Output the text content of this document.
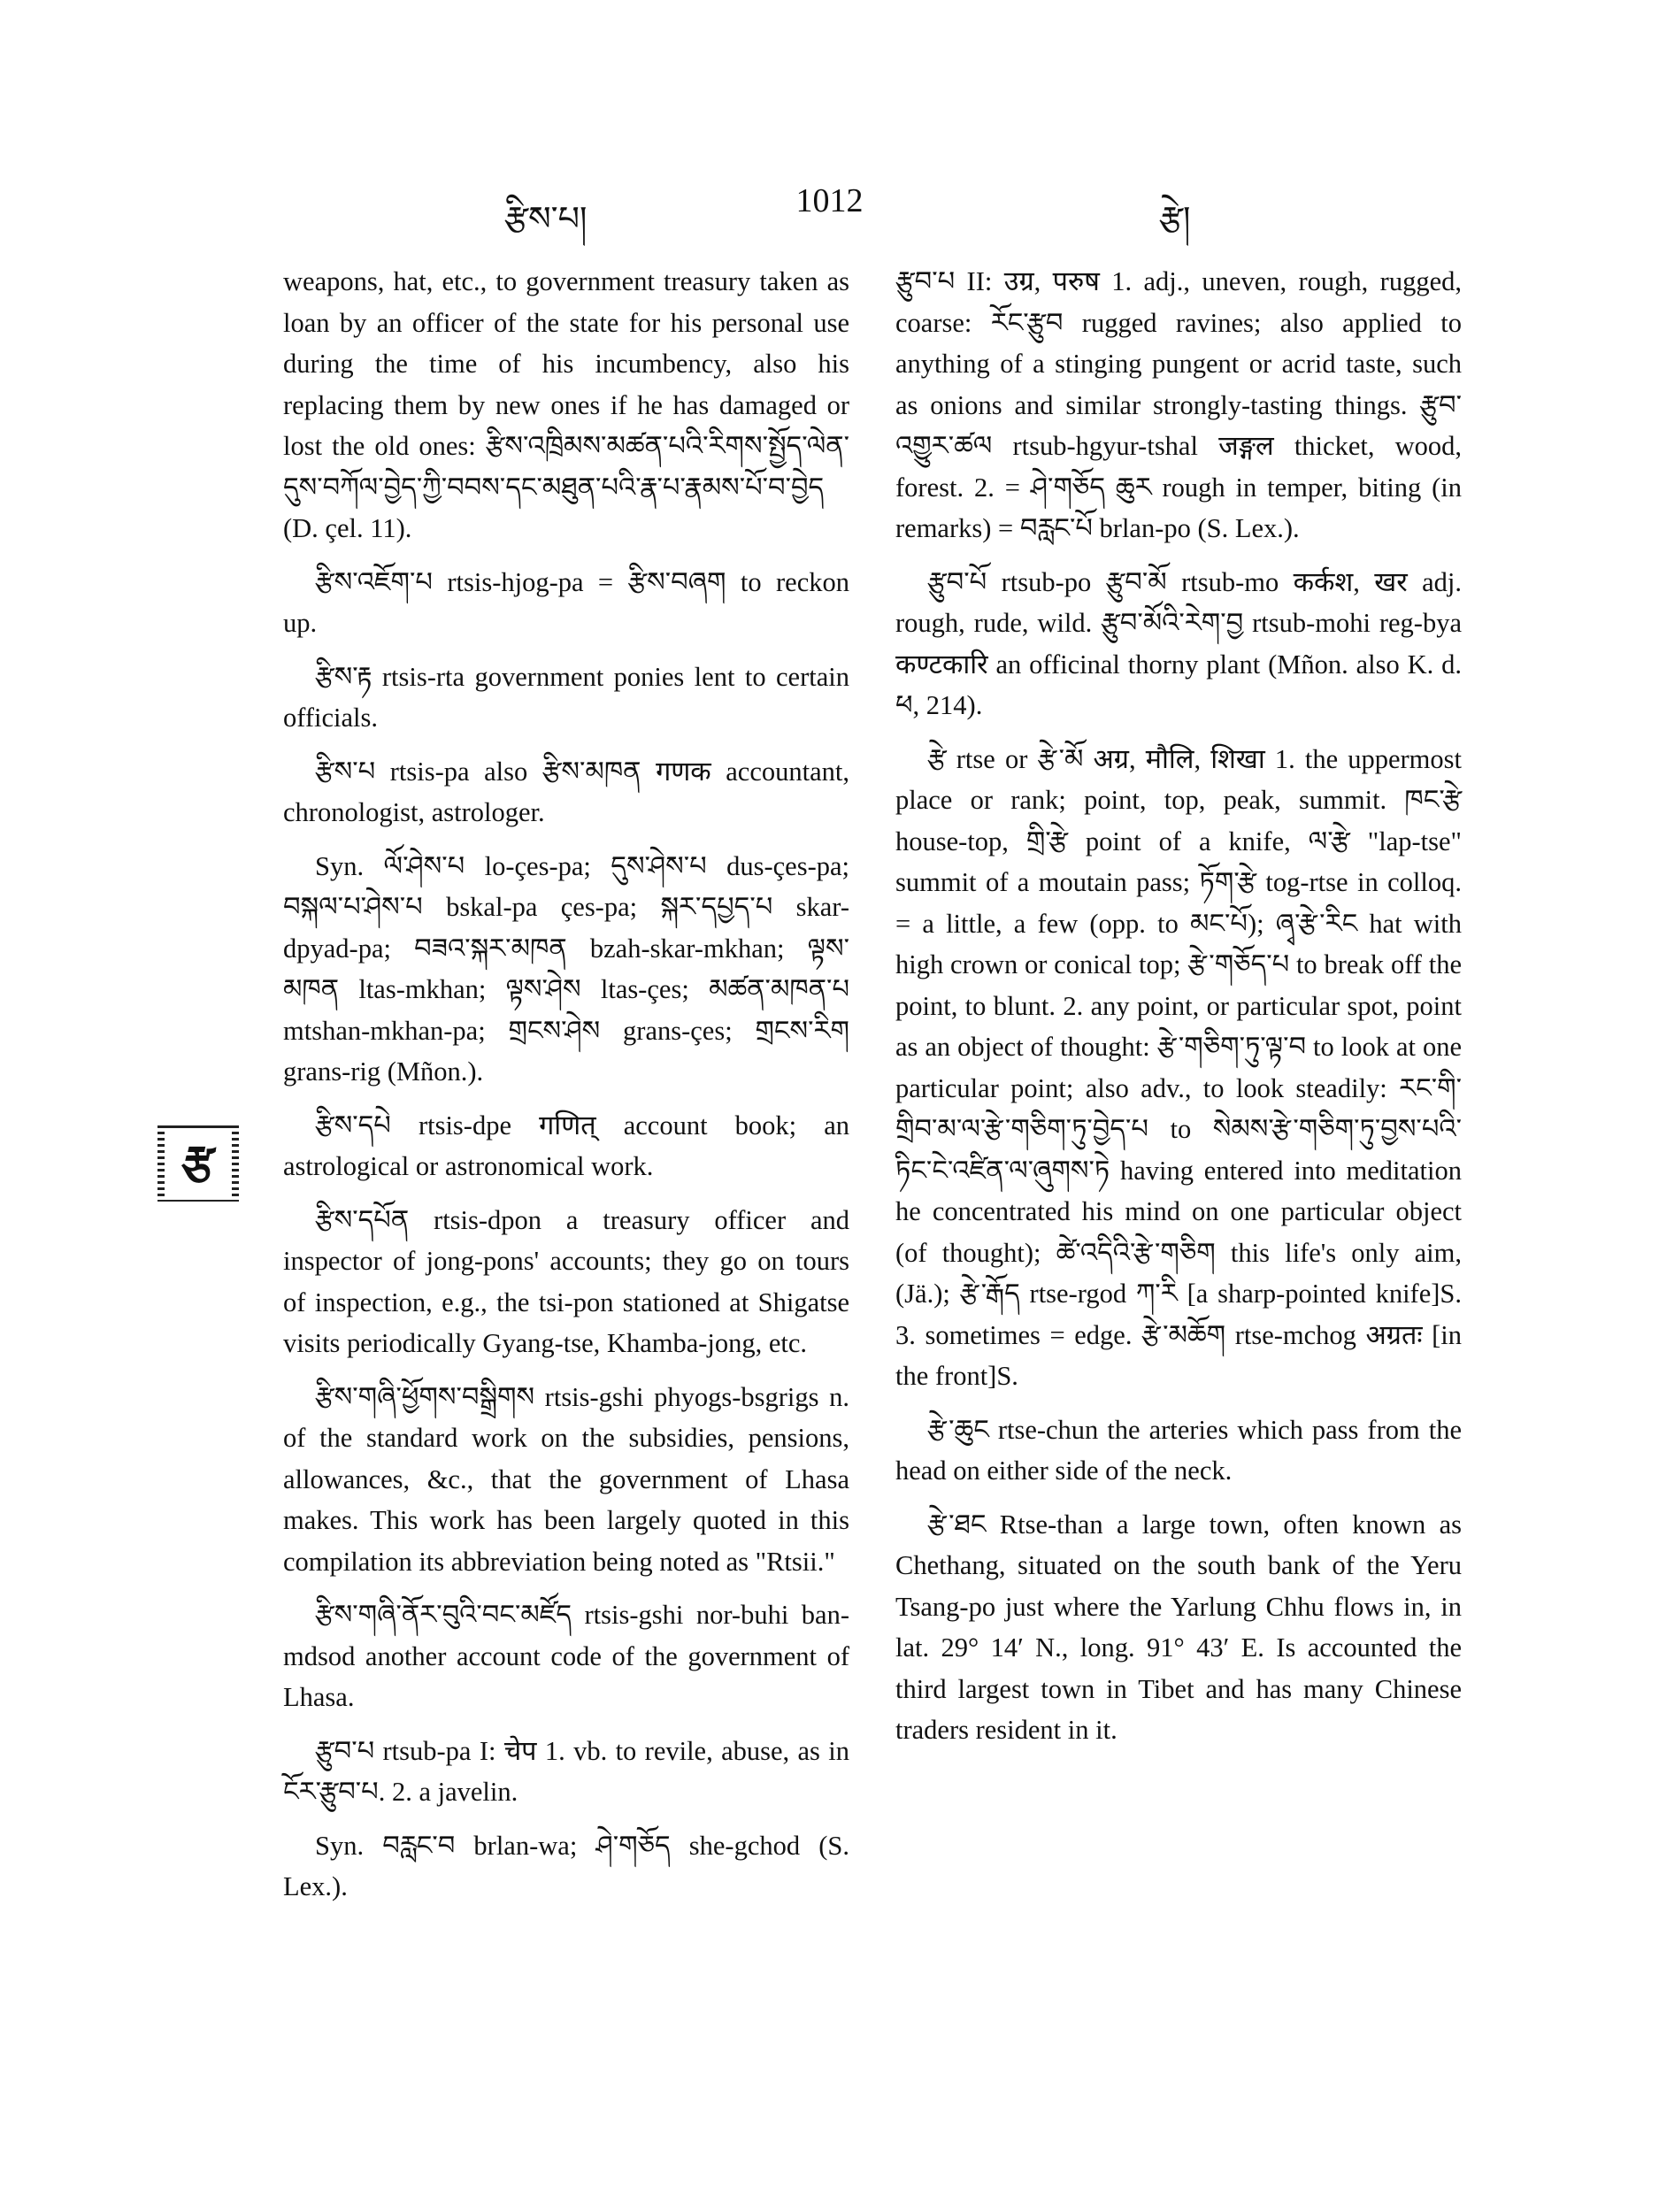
རྩིས་པ།	1012	རྩེ།
རྩ

weapons, hat, etc., to government treasury taken as loan by an officer of the state for his personal use during the time of his incumbency, also his replacing them by new ones if he has damaged or lost the old ones: རྩིས་འཁྲིམས་མཚན་པའི་རིགས་སྤྱོད་ལེན་དུས་བཀོལ་བྱེད་ཀྱི་བབས་དང་མཐུན་པའི་རྣ་པ་རྣམས་པོ་བ་བྱེད (D. çel. 11).

རྩིས་འཇོག་པ rtsis-hjog-pa = རྩིས་བཞག to reckon up.

རྩིས་རྟ rtsis-rta government ponies lent to certain officials.

རྩིས་པ rtsis-pa also རྩིས་མཁན गणक accountant, chronologist, astrologer.

Syn. ལོ་ཤེས་པ lo-çes-pa; དུས་ཤེས་པ dus-çes-pa; བསྐལ་པ་ཤེས་པ bskal-pa çes-pa; སྐར་དཔྱད་པ skar-dpyad-pa; བཟའ་སྐར་མཁན bzah-skar-mkhan; ལྟས་མཁན ltas-mkhan; ལྟས་ཤེས ltas-çes; མཚན་མཁན་པ mtshan-mkhan-pa; གྲངས་ཤེས grans-çes; གྲངས་རིག grans-rig (Mñon.).

རྩིས་དཔེ rtsis-dpe गणित् account book; an astrological or astronomical work.

རྩིས་དཔོན rtsis-dpon a treasury officer and inspector of jong-pons' accounts; they go on tours of inspection, e.g., the tsi-pon stationed at Shigatse visits periodically Gyang-tse, Khamba-jong, etc.

རྩིས་གཞི་ཕྱོགས་བསྒྲིགས rtsis-gshi phyogs-bsgrigs n. of the standard work on the subsidies, pensions, allowances, &c., that the government of Lhasa makes. This work has been largely quoted in this compilation its abbreviation being noted as "Rtsii."

རྩིས་གཞི་ནོར་བུའི་བང་མཛོད rtsis-gshi nor-buhi ban-mdsod another account code of the government of Lhasa.

རྩུབ་པ rtsub-pa I: चेप 1. vb. to revile, abuse, as in ངོར་རྩུབ་པ. 2. a javelin.

Syn. བརླང་བ brlan-wa; ཤེ་གཅོད she-gchod (S. Lex.).

རྩུབ་པ II: उग्र, परुष 1. adj., uneven, rough, rugged, coarse: རོང་རྩུབ rugged ravines; also applied to anything of a stinging pungent or acrid taste, such as onions and similar strongly-tasting things. རྩུབ་འགྱུར་ཚལ rtsub-hgyur-tshal जङ्गल thicket, wood, forest. 2. = ཤེ་གཅོད ཆུར rough in temper, biting (in remarks) = བརླང་པོ brlan-po (S. Lex.).

རྩུབ་པོ rtsub-po རྩུབ་མོ rtsub-mo कर्कश, खर adj. rough, rude, wild. རྩུབ་མོའི་རེག་བྱ rtsub-mohi reg-bya कण्टकारि an officinal thorny plant (Mñon. also K. d. ཕ, 214).

རྩེ rtse or རྩེ་མོ अग्र, मौलि, शिखा 1. the uppermost place or rank; point, top, peak, summit. ཁང་རྩེ house-top, གྲི་རྩེ point of a knife, ལ་རྩེ "lap-tse" summit of a moutain pass; ཏོག་རྩེ tog-rtse in colloq. = a little, a few (opp. to མང་པོ); ཞྭ་རྩེ་རིང hat with high crown or conical top; རྩེ་གཅོད་པ to break off the point, to blunt. 2. any point, or particular spot, point as an object of thought: རྩེ་གཅིག་ཏུ་ལྟ་བ to look at one particular point; also adv., to look steadily: རང་གི་གྲིབ་མ་ལ་རྩེ་གཅིག་ཏུ་བྱེད་པ to སེམས་རྩེ་གཅིག་ཏུ་བྱས་པའི་ཏིང་ངེ་འཛིན་ལ་ཞུགས་ཏེ having entered into meditation he concentrated his mind on one particular object (of thought); ཚེ་འདིའི་རྩེ་གཅིག this life's only aim, (Jä.); རྩེ་རྒོད rtse-rgod ཀ་རི [a sharp-pointed knife]S. 3. sometimes = edge. རྩེ་མཆོག rtse-mchog अग्रतः [in the front]S.

རྩེ་ཆུང rtse-chun the arteries which pass from the head on either side of the neck.

རྩེ་ཐང Rtse-than a large town, often known as Chethang, situated on the south bank of the Yeru Tsang-po just where the Yarlung Chhu flows in, in lat. 29° 14′ N., long. 91° 43′ E. Is accounted the third largest town in Tibet and has many Chinese traders resident in it.
